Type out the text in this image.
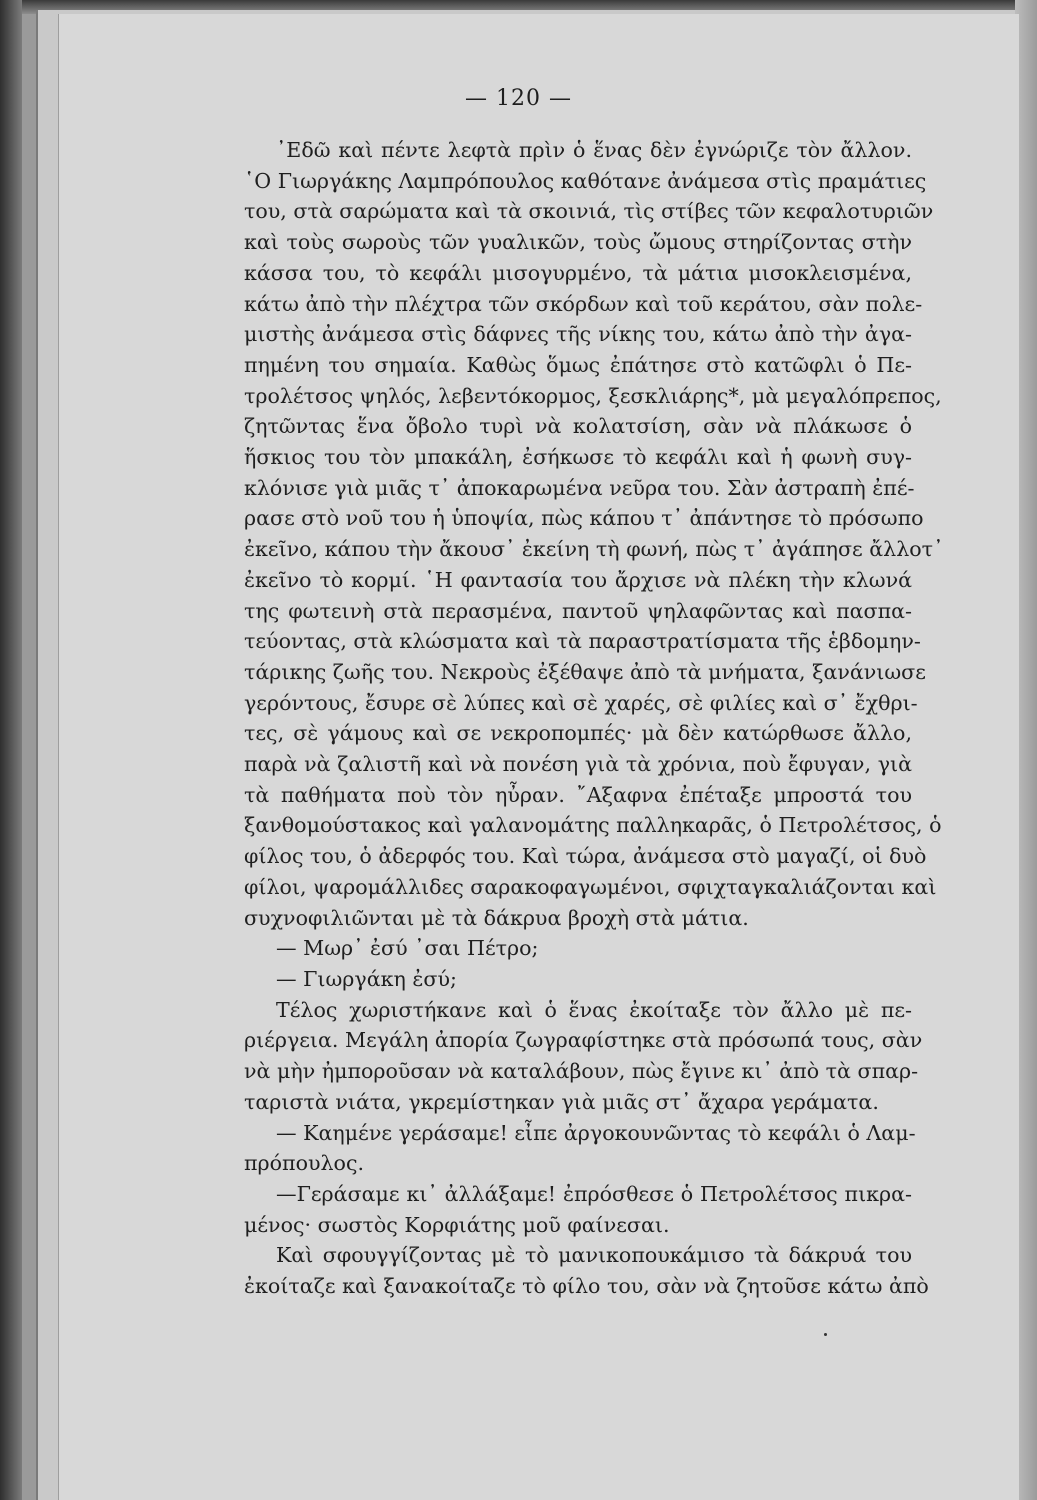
— 120 —
᾿Εδῶ καὶ πέντε λεφτὰ πρὶν ὁ ἕνας δὲν ἐγνώριζε τὸν ἄλλον.
῾Ο Γιωργάκης Λαμπρόπουλος καθότανε ἀνάμεσα στὶς πραμάτιες
του, στὰ σαρώματα καὶ τὰ σκοινιά, τὶς στίβες τῶν κεφαλοτυριῶν
καὶ τοὺς σωροὺς τῶν γυαλικῶν, τοὺς ὤμους στηρίζοντας στὴν
κάσσα του, τὸ κεφάλι μισογυρμένο, τὰ μάτια μισοκλεισμένα,
κάτω ἀπὸ τὴν πλέχτρα τῶν σκόρδων καὶ τοῦ κεράτου, σὰν πολε-
μιστὴς ἀνάμεσα στὶς δάφνες τῆς νίκης του, κάτω ἀπὸ τὴν ἀγα-
πημένη του σημαία. Καθὼς ὅμως ἐπάτησε στὸ κατῶφλι ὁ Πε-
τρολέτσος ψηλός, λεβεντόκορμος, ξεσκλιάρης*, μὰ μεγαλόπρεπος,
ζητῶντας ἕνα ὄβολο τυρὶ νὰ κολατσίση, σὰν νὰ πλάκωσε ὁ
ἥσκιος του τὸν μπακάλη, ἐσήκωσε τὸ κεφάλι καὶ ἡ φωνὴ συγ-
κλόνισε γιὰ μιᾶς τ᾿ ἀποκαρωμένα νεῦρα του. Σὰν ἀστραπὴ ἐπέ-
ρασε στὸ νοῦ του ἡ ὑποψία, πὼς κάπου τ᾿ ἀπάντησε τὸ πρόσωπο
ἐκεῖνο, κάπου τὴν ἄκουσ᾿ ἐκείνη τὴ φωνή, πὼς τ᾿ ἀγάπησε ἄλλοτ᾿
ἐκεῖνο τὸ κορμί. ῾Η φαντασία του ἄρχισε νὰ πλέκη τὴν κλωνά
της φωτεινὴ στὰ περασμένα, παντοῦ ψηλαφῶντας καὶ πασπα-
τεύοντας, στὰ κλώσματα καὶ τὰ παραστρατίσματα τῆς ἑβδομην-
τάρικης ζωῆς του. Νεκροὺς ἐξέθαψε ἀπὸ τὰ μνήματα, ξανάνιωσε
γερόντους, ἔσυρε σὲ λύπες καὶ σὲ χαρές, σὲ φιλίες καὶ σ᾿ ἔχθρι-
τες, σὲ γάμους καὶ σε νεκροπομπές· μὰ δὲν κατώρθωσε ἄλλο,
παρὰ νὰ ζαλιστῆ καὶ νὰ πονέση γιὰ τὰ χρόνια, ποὺ ἔφυγαν, γιὰ
τὰ παθήματα ποὺ τὸν ηὖραν. ῎Αξαφνα ἐπέταξε μπροστά του
ξανθομούστακος καὶ γαλανομάτης παλληκαρᾶς, ὁ Πετρολέτσος, ὁ
φίλος του, ὁ ἀδερφός του. Καὶ τώρα, ἀνάμεσα στὸ μαγαζί, οἱ δυὸ
φίλοι, ψαρομάλλιδες σαρακοφαγωμένοι, σφιχταγκαλιάζονται καὶ
συχνοφιλιῶνται μὲ τὰ δάκρυα βροχὴ στὰ μάτια.
— Μωρ᾿ ἐσύ ᾿σαι Πέτρο;
— Γιωργάκη ἐσύ;
Τέλος χωριστήκανε καὶ ὁ ἕνας ἐκοίταξε τὸν ἄλλο μὲ πε-
ριέργεια. Μεγάλη ἀπορία ζωγραφίστηκε στὰ πρόσωπά τους, σὰν
νὰ μὴν ἠμποροῦσαν νὰ καταλάβουν, πὼς ἔγινε κι᾿ ἀπὸ τὰ σπαρ-
ταριστὰ νιάτα, γκρεμίστηκαν γιὰ μιᾶς στ᾿ ἄχαρα γεράματα.
— Καημένε γεράσαμε! εἶπε ἀργοκουνῶντας τὸ κεφάλι ὁ Λαμ-
πρόπουλος.
—Γεράσαμε κι᾿ ἀλλάξαμε! ἐπρόσθεσε ὁ Πετρολέτσος πικρα-
μένος· σωστὸς Κορφιάτης μοῦ φαίνεσαι.
Καὶ σφουγγίζοντας μὲ τὸ μανικοπουκάμισο τὰ δάκρυά του
ἐκοίταζε καὶ ξανακοίταζε τὸ φίλο του, σὰν νὰ ζητοῦσε κάτω ἀπὸ
